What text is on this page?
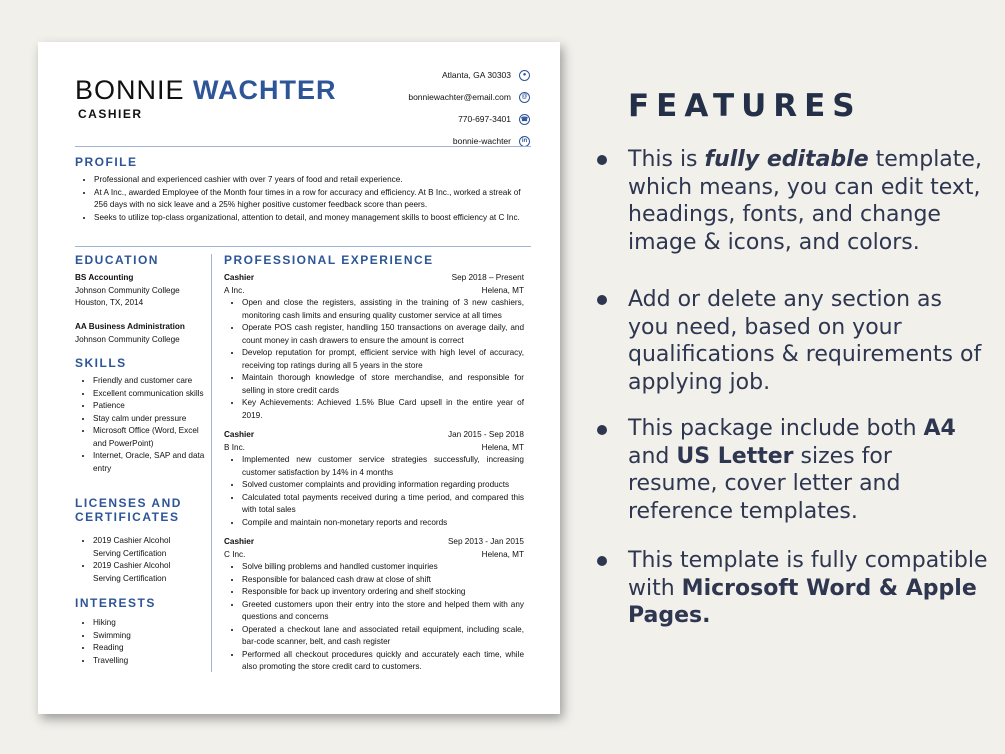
BONNIE WACHTER
CASHIER
Atlanta, GA 30303	●
bonniewachter@email.com	@
770-697-3401 ☎
bonnie-wachter	in
PROFILE
• Professional and experienced cashier with over 7 years of food and retail experience.
• At A Inc., awarded Employee of the Month four times in a row for accuracy and efficiency. At B Inc., worked a streak of 256 days with no sick leave and a 25% higher positive customer feedback score than peers.
• Seeks to utilize top-class organizational, attention to detail, and money management skills to boost efficiency at C Inc.
EDUCATION
BS Accounting
Johnson Community College
Houston, TX, 2014
AA Business Administration
Johnson Community College
SKILLS
• Friendly and customer care
• Excellent communication skills
• Patience
• Stay calm under pressure
• Microsoft Office (Word, Excel and PowerPoint)
• Internet, Oracle, SAP and data entry
LICENSES AND CERTIFICATES
• 2019 Cashier Alcohol Serving Certification
• 2019 Cashier Alcohol Serving Certification
INTERESTS
• Hiking
• Swimming
• Reading
• Travelling
PROFESSIONAL EXPERIENCE
Cashier	Sep 2018 – Present
A Inc.	Helena, MT
• Open and close the registers, assisting in the training of 3 new cashiers, monitoring cash limits and ensuring quality customer service at all times
• Operate POS cash register, handling 150 transactions on average daily, and count money in cash drawers to ensure the amount is correct
• Develop reputation for prompt, efficient service with high level of accuracy, receiving top ratings during all 5 years in the store
• Maintain thorough knowledge of store merchandise, and responsible for selling in store credit cards
• Key Achievements: Achieved 1.5% Blue Card upsell in the entire year of 2019.
Cashier	Jan 2015 - Sep 2018
B Inc.	Helena, MT
• Implemented new customer service strategies successfully, increasing customer satisfaction by 14% in 4 months
• Solved customer complaints and providing information regarding products
• Calculated total payments received during a time period, and compared this with total sales
• Compile and maintain non-monetary reports and records
Cashier	Sep 2013 - Jan 2015
C Inc.	Helena, MT
• Solve billing problems and handled customer inquiries
• Responsible for balanced cash draw at close of shift
• Responsible for back up inventory ordering and shelf stocking
• Greeted customers upon their entry into the store and helped them with any questions and concerns
• Operated a checkout lane and associated retail equipment, including scale, bar-code scanner, belt, and cash register
• Performed all checkout procedures quickly and accurately each time, while also promoting the store credit card to customers.
FEATURES
This is fully editable template, which means, you can edit text, headings, fonts, and change image & icons, and colors.
Add or delete any section as you need, based on your qualifications & requirements of applying job.
This package include both A4 and US Letter sizes for resume, cover letter and reference templates.
This template is fully compatible with Microsoft Word & Apple Pages.
